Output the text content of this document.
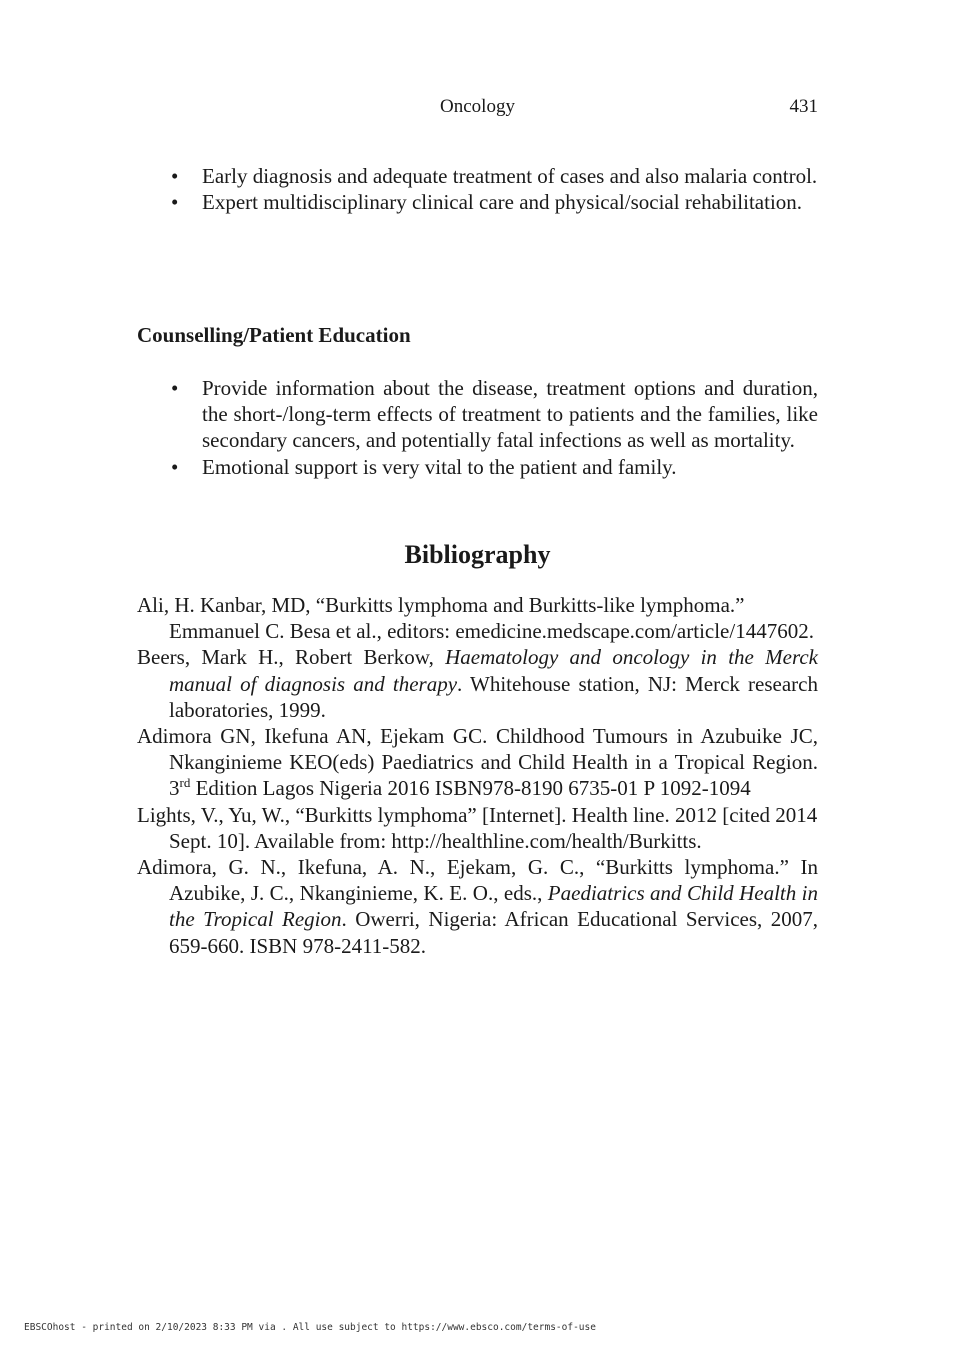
Oncology	431
• Early diagnosis and adequate treatment of cases and also malaria control.
• Expert multidisciplinary clinical care and physical/social rehabilitation.
Counselling/Patient Education
• Provide information about the disease, treatment options and duration, the short-/long-term effects of treatment to patients and the families, like secondary cancers, and potentially fatal infections as well as mortality.
• Emotional support is very vital to the patient and family.
Bibliography

Ali, H. Kanbar, MD, “Burkitts lymphoma and Burkitts-like lymphoma.” Emmanuel C. Besa et al., editors: emedicine.medscape.com/article/1447602.

Beers, Mark H., Robert Berkow, Haematology and oncology in the Merck manual of diagnosis and therapy. Whitehouse station, NJ: Merck research laboratories, 1999.

Adimora GN, Ikefuna AN, Ejekam GC. Childhood Tumours in Azubuike JC, Nkanginieme KEO(eds) Paediatrics and Child Health in a Tropical Region. 3rd Edition Lagos Nigeria 2016 ISBN978-8190 6735-01 P 1092-1094

Lights, V., Yu, W., “Burkitts lymphoma” [Internet]. Health line. 2012 [cited 2014 Sept. 10]. Available from: http://healthline.com/health/Burkitts.

Adimora, G. N., Ikefuna, A. N., Ejekam, G. C., “Burkitts lymphoma.” In Azubike, J. C., Nkanginieme, K. E. O., eds., Paediatrics and Child Health in the Tropical Region. Owerri, Nigeria: African Educational Services, 2007, 659-660. ISBN 978-2411-582.

EBSCOhost - printed on 2/10/2023 8:33 PM via . All use subject to https://www.ebsco.com/terms-of-use
